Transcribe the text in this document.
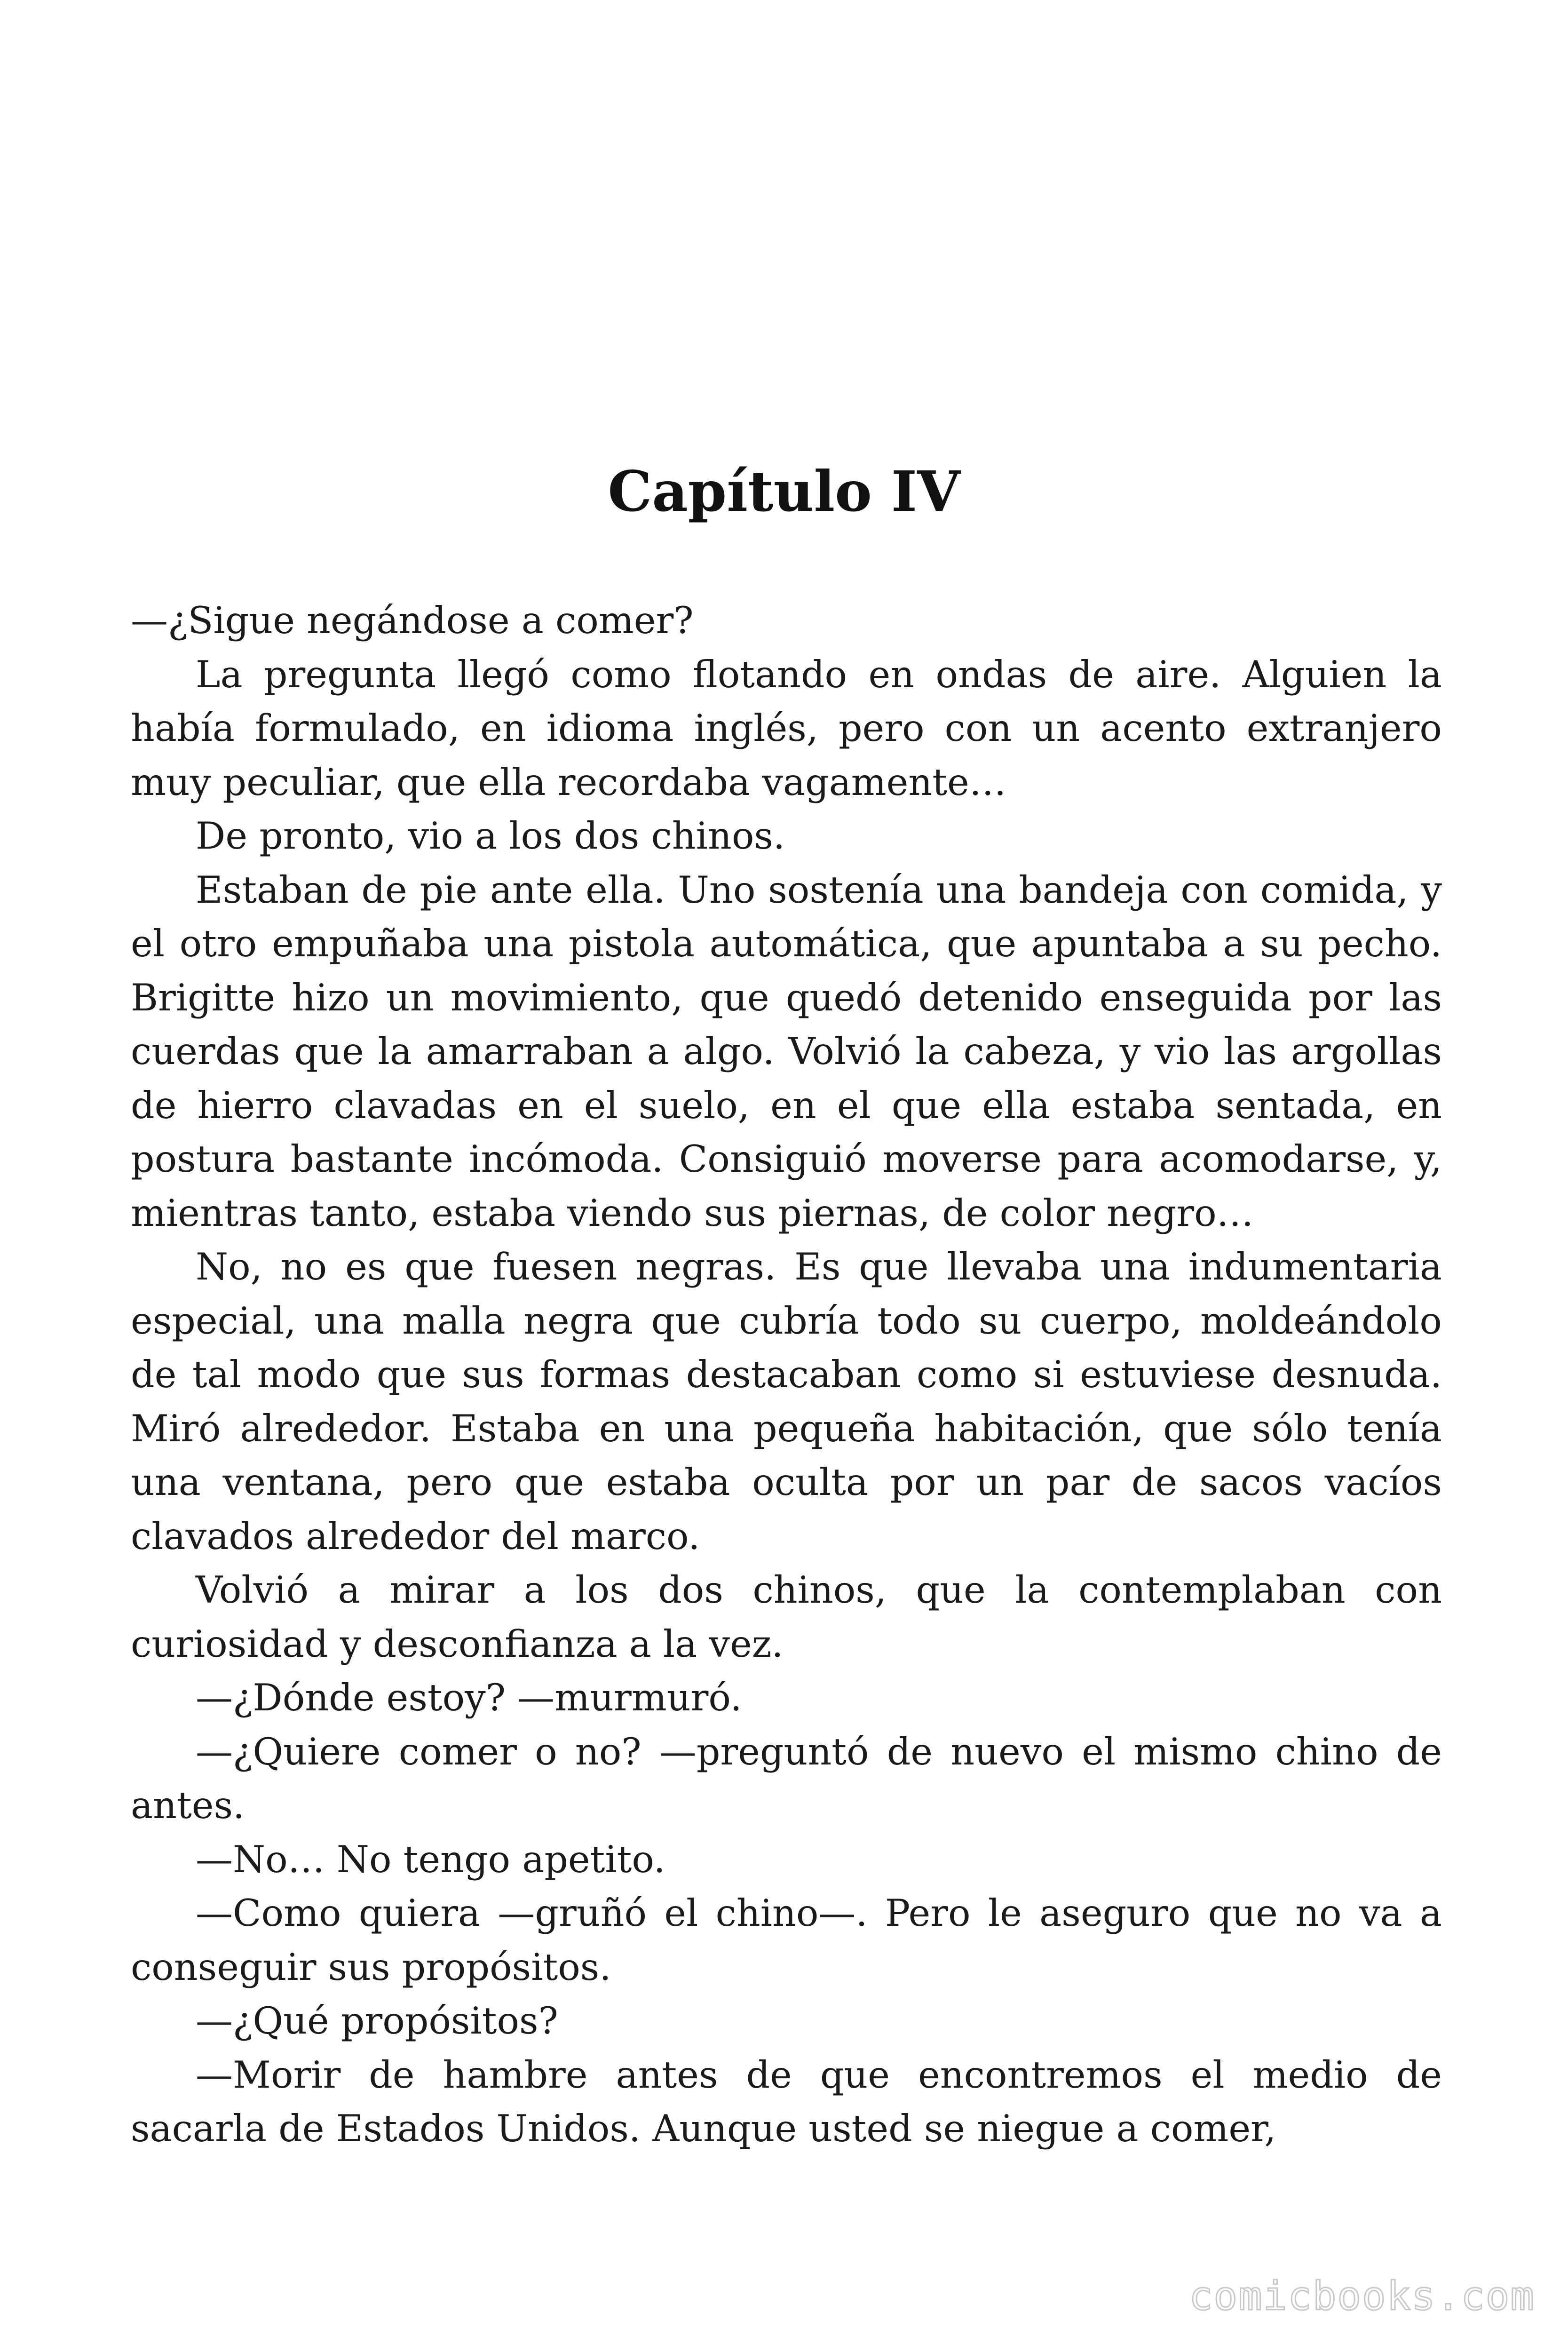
Capítulo IV

—¿Sigue negándose a comer?

La pregunta llegó como flotando en ondas de aire. Alguien la había formulado, en idioma inglés, pero con un acento extranjero muy peculiar, que ella recordaba vagamente…

De pronto, vio a los dos chinos.

Estaban de pie ante ella. Uno sostenía una bandeja con comida, y el otro empuñaba una pistola automática, que apuntaba a su pecho. Brigitte hizo un movimiento, que quedó detenido enseguida por las cuerdas que la amarraban a algo. Volvió la cabeza, y vio las argollas de hierro clavadas en el suelo, en el que ella estaba sentada, en postura bastante incómoda. Consiguió moverse para acomodarse, y, mientras tanto, estaba viendo sus piernas, de color negro…

No, no es que fuesen negras. Es que llevaba una indumentaria especial, una malla negra que cubría todo su cuerpo, moldeándolo de tal modo que sus formas destacaban como si estuviese desnuda. Miró alrededor. Estaba en una pequeña habitación, que sólo tenía una ventana, pero que estaba oculta por un par de sacos vacíos clavados alrededor del marco.

Volvió a mirar a los dos chinos, que la contemplaban con curiosidad y desconfianza a la vez.

—¿Dónde estoy? —murmuró.

—¿Quiere comer o no? —preguntó de nuevo el mismo chino de antes.

—No… No tengo apetito.

—Como quiera —gruñó el chino—. Pero le aseguro que no va a conseguir sus propósitos.

—¿Qué propósitos?

—Morir de hambre antes de que encontremos el medio de sacarla de Estados Unidos. Aunque usted se niegue a comer,

comicbooks.com
